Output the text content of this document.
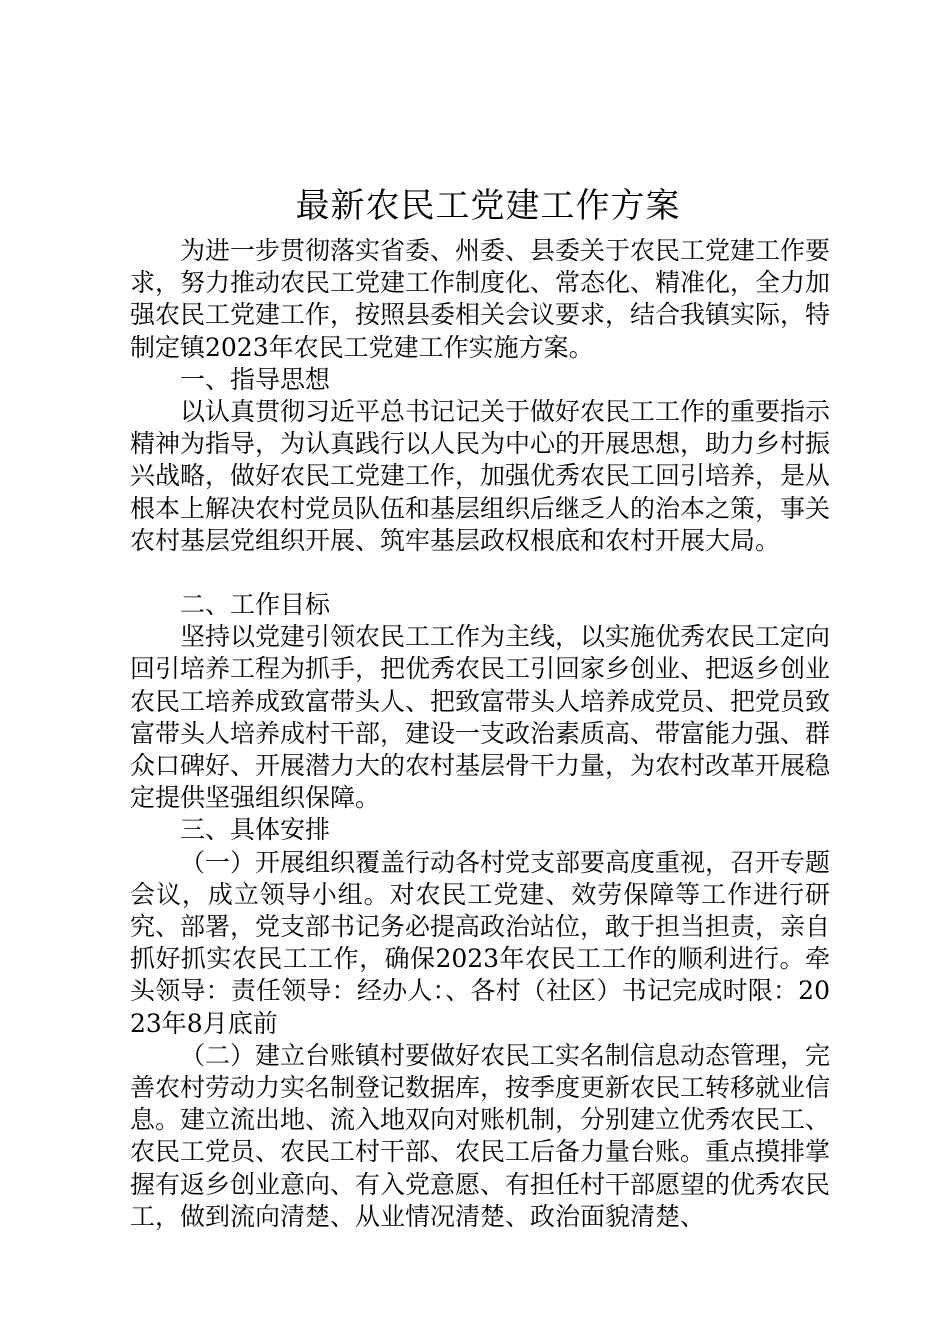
最新农民工党建工作方案

为进一步贯彻落实省委、州委、县委关于农民工党建工作要求，努力推动农民工党建工作制度化、常态化、精准化，全力加强农民工党建工作，按照县委相关会议要求，结合我镇实际，特制定镇2023年农民工党建工作实施方案。

一、指导思想

以认真贯彻习近平总书记记关于做好农民工工作的重要指示精神为指导，为认真践行以人民为中心的开展思想，助力乡村振兴战略，做好农民工党建工作，加强优秀农民工回引培养，是从根本上解决农村党员队伍和基层组织后继乏人的治本之策，事关农村基层党组织开展、筑牢基层政权根底和农村开展大局。

二、工作目标

坚持以党建引领农民工工作为主线，以实施优秀农民工定向回引培养工程为抓手，把优秀农民工引回家乡创业、把返乡创业农民工培养成致富带头人、把致富带头人培养成党员、把党员致富带头人培养成村干部，建设一支政治素质高、带富能力强、群众口碑好、开展潜力大的农村基层骨干力量，为农村改革开展稳定提供坚强组织保障。

三、具体安排

（一）开展组织覆盖行动各村党支部要高度重视，召开专题会议，成立领导小组。对农民工党建、效劳保障等工作进行研究、部署，党支部书记务必提高政治站位，敢于担当担责，亲自抓好抓实农民工工作，确保2023年农民工工作的顺利进行。牵头领导：责任领导：经办人：、各村（社区）书记完成时限：2023年8月底前

（二）建立台账镇村要做好农民工实名制信息动态管理，完善农村劳动力实名制登记数据库，按季度更新农民工转移就业信息。建立流出地、流入地双向对账机制，分别建立优秀农民工、农民工党员、农民工村干部、农民工后备力量台账。重点摸排掌握有返乡创业意向、有入党意愿、有担任村干部愿望的优秀农民工，做到流向清楚、从业情况清楚、政治面貌清楚、
